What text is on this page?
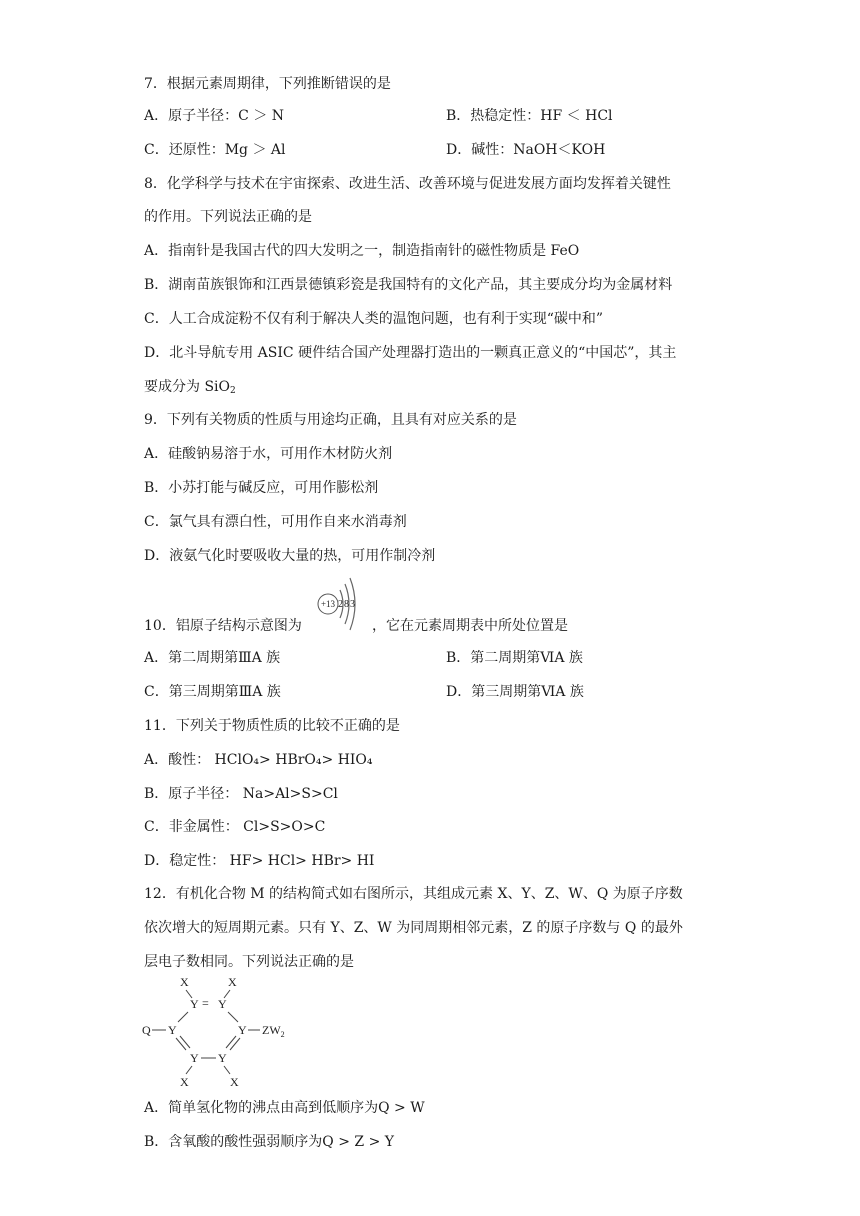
7．根据元素周期律，下列推断错误的是
A．原子半径：C ＞ N	B．热稳定性：HF ＜ HCl
C．还原性：Mg ＞ Al	D．碱性：NaOH＜KOH
8．化学科学与技术在宇宙探索、改进生活、改善环境与促进发展方面均发挥着关键性
的作用。下列说法正确的是
A．指南针是我国古代的四大发明之一，制造指南针的磁性物质是 FeO
B．湖南苗族银饰和江西景德镇彩瓷是我国特有的文化产品，其主要成分均为金属材料
C．人工合成淀粉不仅有利于解决人类的温饱问题，也有利于实现“碳中和”
D．北斗导航专用 ASIC 硬件结合国产处理器打造出的一颗真正意义的“中国芯”，其主
要成分为 SiO$_2$
9．下列有关物质的性质与用途均正确，且具有对应关系的是
A．硅酸钠易溶于水，可用作木材防火剂
B．小苏打能与碱反应，可用作膨松剂
C．氯气具有漂白性，可用作自来水消毒剂
D．液氨气化时要吸收大量的热，可用作制冷剂
+13 283
10．铝原子结构示意图为	，它在元素周期表中所处位置是
A．第二周期第ⅢA 族	B．第二周期第ⅥA 族
C．第三周期第ⅢA 族	D．第三周期第ⅥA 族
11．下列关于物质性质的比较不正确的是
A．酸性： HClO₄> HBrO₄> HIO₄
B．原子半径： Na>Al>S>Cl
C．非金属性： Cl>S>O>C
D．稳定性： HF> HCl> HBr> HI
12．有机化合物 M 的结构简式如右图所示，其组成元素 X、Y、Z、W、Q 为原子序数
依次增大的短周期元素。只有 Y、Z、W 为同周期相邻元素，Z 的原子序数与 Q 的最外
层电子数相同。下列说法正确的是
X	X
Y = Y
Q Y	Y $ZW_2$
Y Y
X	X
A．简单氢化物的沸点由高到低顺序为Q > W
B．含氧酸的酸性强弱顺序为Q > Z > Y
